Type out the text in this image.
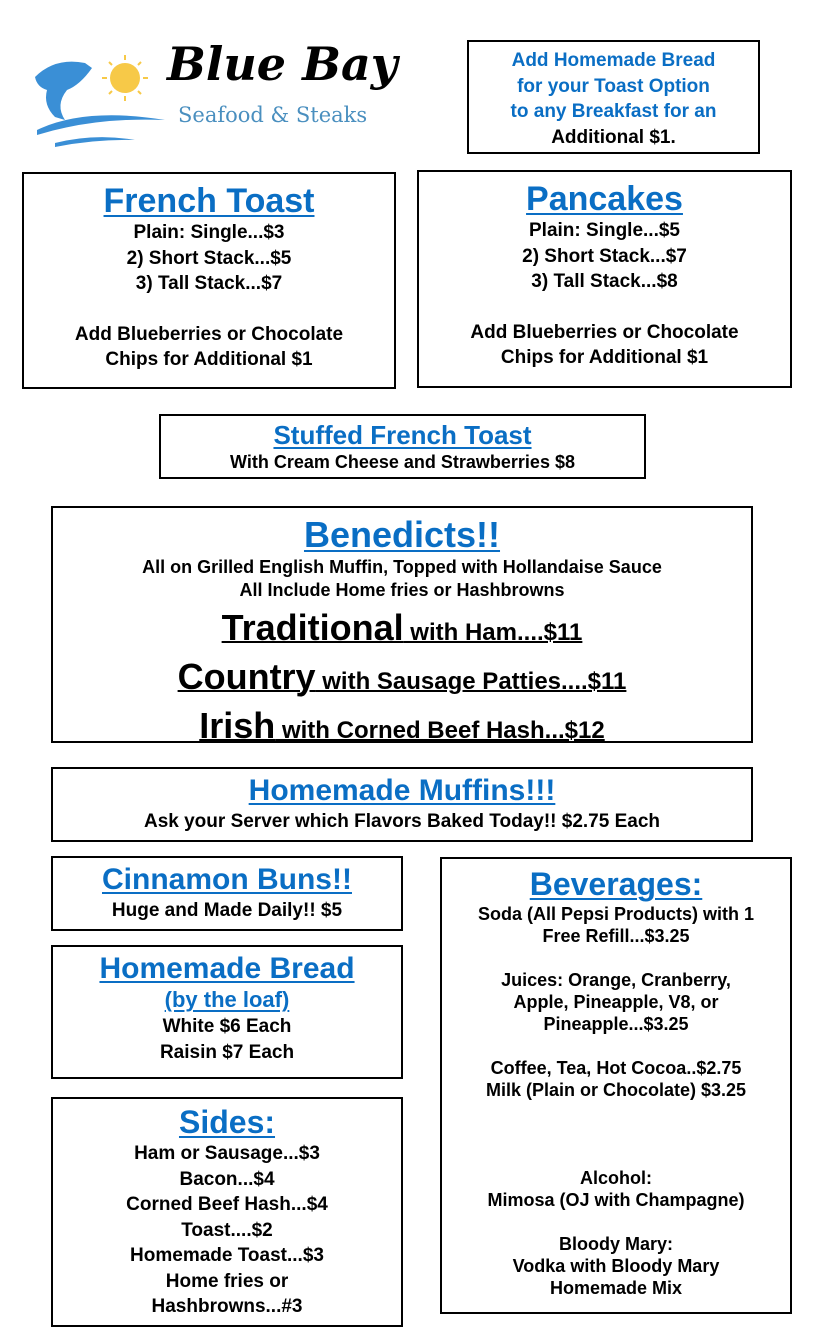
Blue Bay
Seafood & Steaks
Add Homemade Bread
for your Toast Option
to any Breakfast for an
Additional $1.
French Toast
Plain: Single...$3
2) Short Stack...$5
3) Tall Stack...$7
Add Blueberries or Chocolate
Chips for Additional $1
Pancakes
Plain: Single...$5
2) Short Stack...$7
3) Tall Stack...$8
Add Blueberries or Chocolate
Chips for Additional $1
Stuffed French Toast
With Cream Cheese and Strawberries $8
Benedicts!!
All on Grilled English Muffin, Topped with Hollandaise Sauce
All Include Home fries or Hashbrowns
Traditional with Ham....$11
Country with Sausage Patties....$11
Irish with Corned Beef Hash...$12
Homemade Muffins!!!
Ask your Server which Flavors Baked Today!! $2.75 Each
Cinnamon Buns!!
Huge and Made Daily!! $5
Homemade Bread
(by the loaf)
White $6 Each
Raisin $7 Each
Sides:
Ham or Sausage...$3
Bacon...$4
Corned Beef Hash...$4
Toast....$2
Homemade Toast...$3
Home fries or
Hashbrowns...#3
Beverages:
Soda (All Pepsi Products) with 1
Free Refill...$3.25
Juices: Orange, Cranberry,
Apple, Pineapple, V8, or
Pineapple...$3.25
Coffee, Tea, Hot Cocoa..$2.75
Milk (Plain or Chocolate) $3.25
Alcohol:
Mimosa (OJ with Champagne)
Bloody Mary:
Vodka with Bloody Mary
Homemade Mix
